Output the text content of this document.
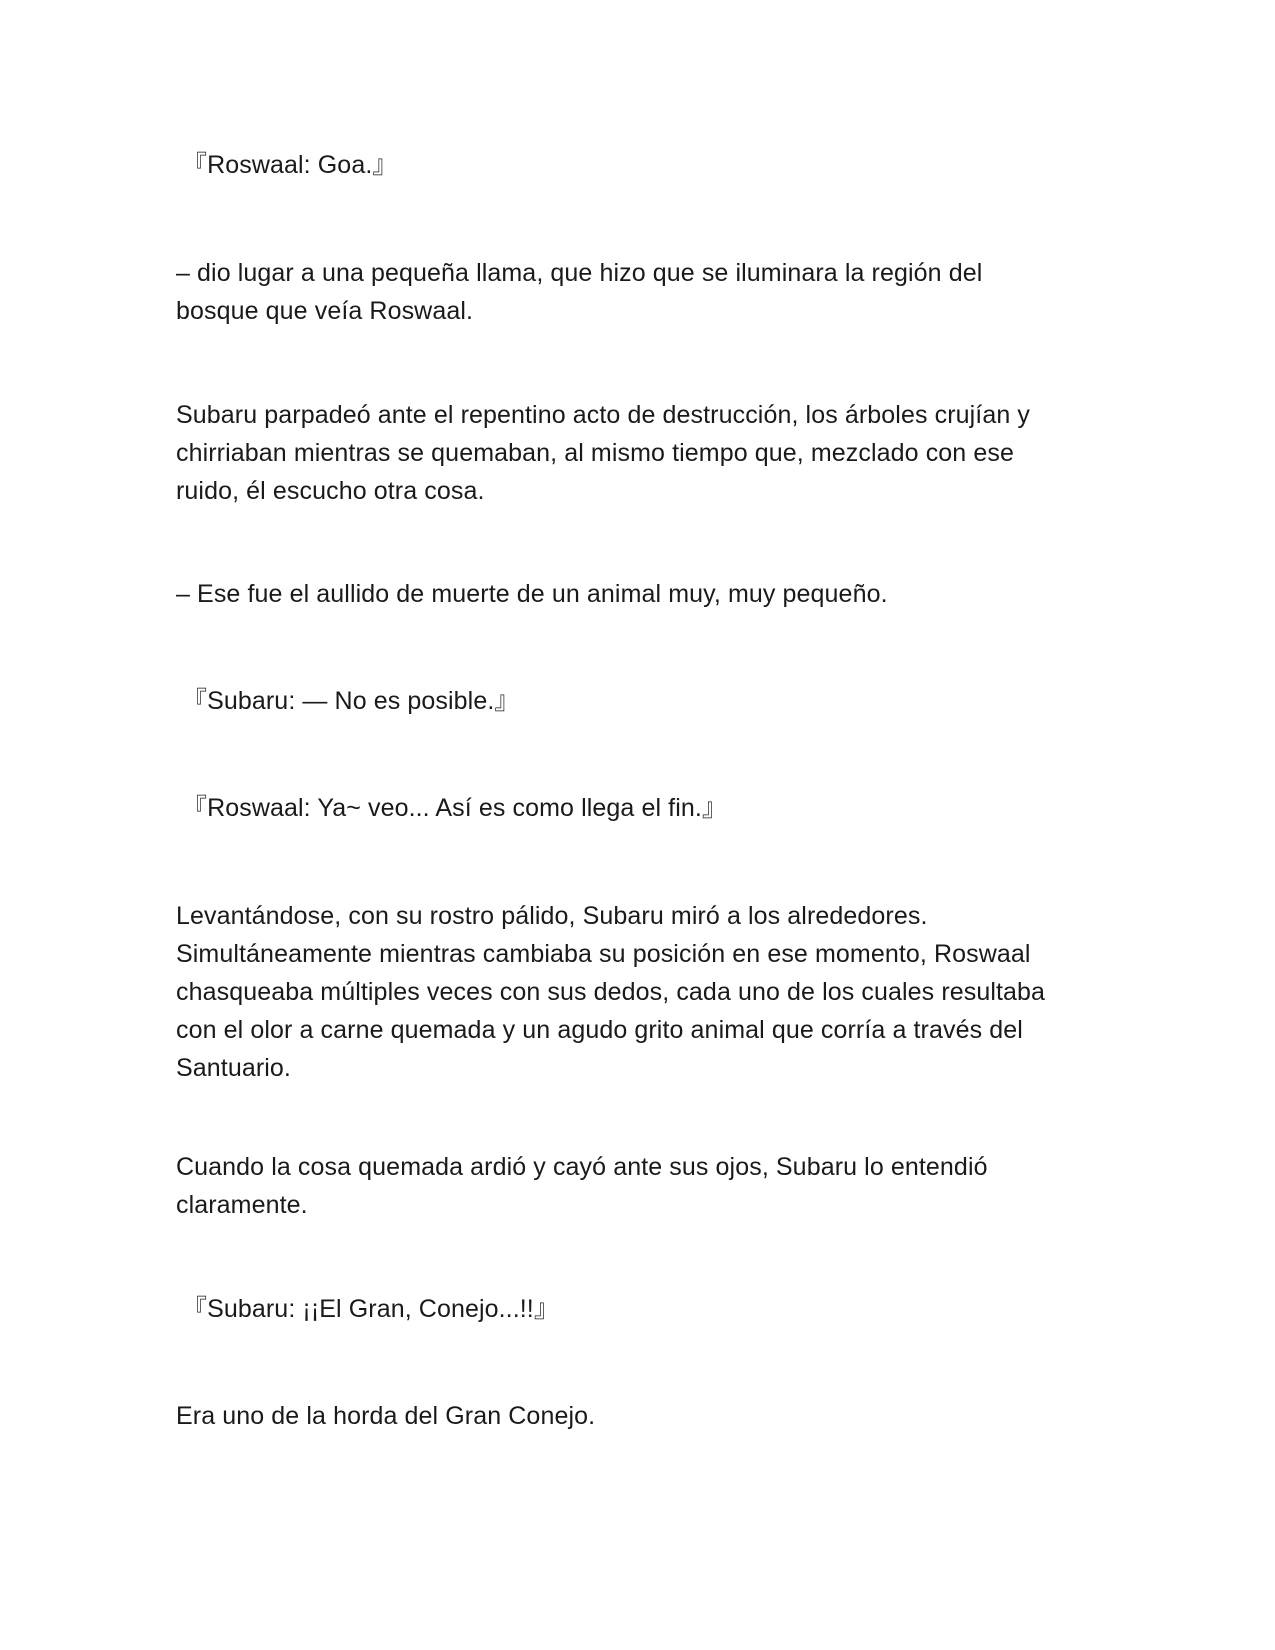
『Roswaal: Goa.』

– dio lugar a una pequeña llama, que hizo que se iluminara la región del
bosque que veía Roswaal.
Subaru parpadeó ante el repentino acto de destrucción, los árboles crujían y
chirriaban mientras se quemaban, al mismo tiempo que, mezclado con ese
ruido, él escucho otra cosa.

– Ese fue el aullido de muerte de un animal muy, muy pequeño.

『Subaru: — No es posible.』

『Roswaal: Ya~ veo... Así es como llega el fin.』

Levantándose, con su rostro pálido, Subaru miró a los alrededores.
Simultáneamente mientras cambiaba su posición en ese momento, Roswaal
chasqueaba múltiples veces con sus dedos, cada uno de los cuales resultaba
con el olor a carne quemada y un agudo grito animal que corría a través del
Santuario.
Cuando la cosa quemada ardió y cayó ante sus ojos, Subaru lo entendió
claramente.

『Subaru: ¡¡El Gran, Conejo...!!』

Era uno de la horda del Gran Conejo.
